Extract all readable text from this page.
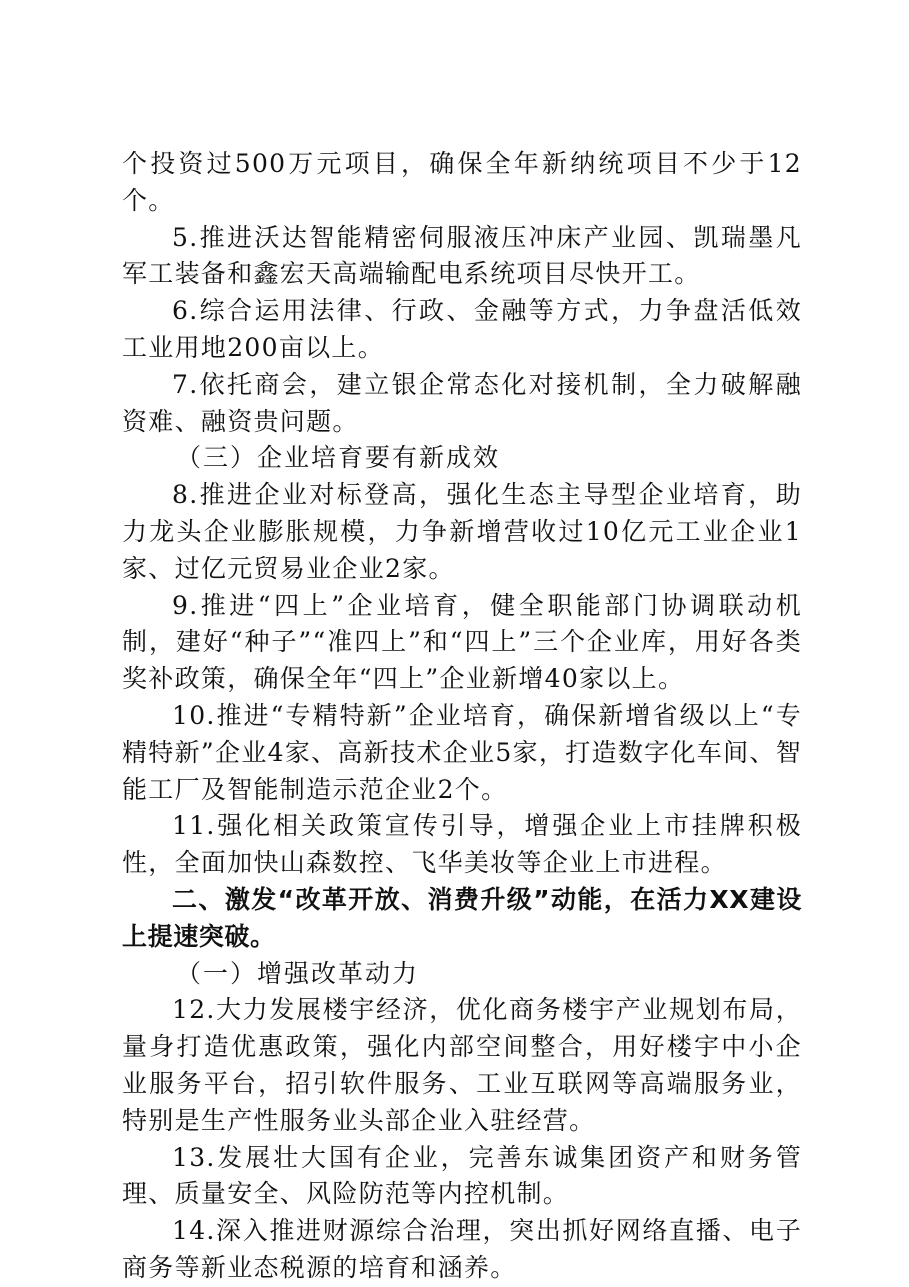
个投资过500万元项目，确保全年新纳统项目不少于12个。

5.推进沃达智能精密伺服液压冲床产业园、凯瑞墨凡军工装备和鑫宏天高端输配电系统项目尽快开工。

6.综合运用法律、行政、金融等方式，力争盘活低效工业用地200亩以上。

7.依托商会，建立银企常态化对接机制，全力破解融资难、融资贵问题。

（三）企业培育要有新成效

8.推进企业对标登高，强化生态主导型企业培育，助力龙头企业膨胀规模，力争新增营收过10亿元工业企业1家、过亿元贸易业企业2家。

9.推进“四上”企业培育，健全职能部门协调联动机制，建好“种子”“准四上”和“四上”三个企业库，用好各类奖补政策，确保全年“四上”企业新增40家以上。

10.推进“专精特新”企业培育，确保新增省级以上“专精特新”企业4家、高新技术企业5家，打造数字化车间、智能工厂及智能制造示范企业2个。

11.强化相关政策宣传引导，增强企业上市挂牌积极性，全面加快山森数控、飞华美妆等企业上市进程。

二、激发“改革开放、消费升级”动能，在活力XX建设上提速突破。

（一）增强改革动力

12.大力发展楼宇经济，优化商务楼宇产业规划布局，量身打造优惠政策，强化内部空间整合，用好楼宇中小企业服务平台，招引软件服务、工业互联网等高端服务业，特别是生产性服务业头部企业入驻经营。

13.发展壮大国有企业，完善东诚集团资产和财务管理、质量安全、风险防范等内控机制。

14.深入推进财源综合治理，突出抓好网络直播、电子商务等新业态税源的培育和涵养。
